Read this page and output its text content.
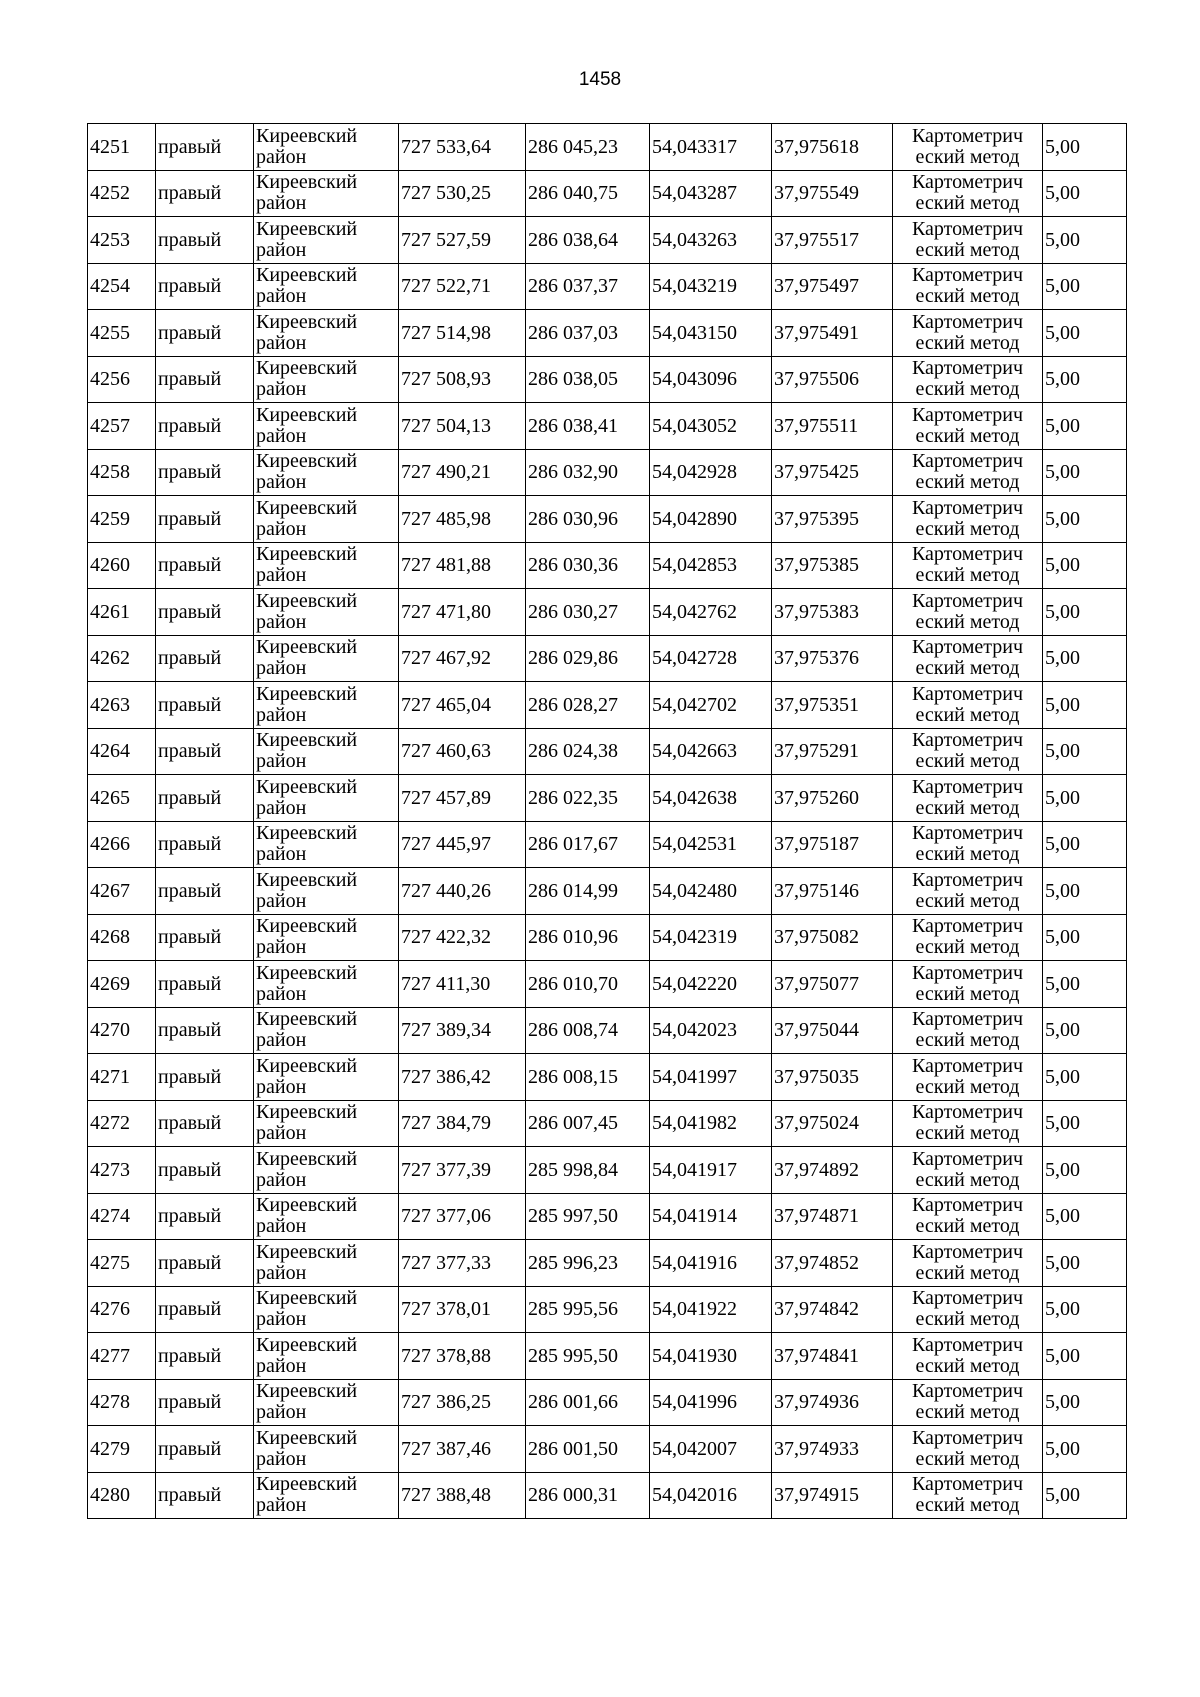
1458
4251	правый	Киреевский район	727 533,64	286 045,23	54,043317	37,975618	Картометрич еский метод	5,00
4252	правый	Киреевский район	727 530,25	286 040,75	54,043287	37,975549	Картометрич еский метод	5,00
4253	правый	Киреевский район	727 527,59	286 038,64	54,043263	37,975517	Картометрич еский метод	5,00
4254	правый	Киреевский район	727 522,71	286 037,37	54,043219	37,975497	Картометрич еский метод	5,00
4255	правый	Киреевский район	727 514,98	286 037,03	54,043150	37,975491	Картометрич еский метод	5,00
4256	правый	Киреевский район	727 508,93	286 038,05	54,043096	37,975506	Картометрич еский метод	5,00
4257	правый	Киреевский район	727 504,13	286 038,41	54,043052	37,975511	Картометрич еский метод	5,00
4258	правый	Киреевский район	727 490,21	286 032,90	54,042928	37,975425	Картометрич еский метод	5,00
4259	правый	Киреевский район	727 485,98	286 030,96	54,042890	37,975395	Картометрич еский метод	5,00
4260	правый	Киреевский район	727 481,88	286 030,36	54,042853	37,975385	Картометрич еский метод	5,00
4261	правый	Киреевский район	727 471,80	286 030,27	54,042762	37,975383	Картометрич еский метод	5,00
4262	правый	Киреевский район	727 467,92	286 029,86	54,042728	37,975376	Картометрич еский метод	5,00
4263	правый	Киреевский район	727 465,04	286 028,27	54,042702	37,975351	Картометрич еский метод	5,00
4264	правый	Киреевский район	727 460,63	286 024,38	54,042663	37,975291	Картометрич еский метод	5,00
4265	правый	Киреевский район	727 457,89	286 022,35	54,042638	37,975260	Картометрич еский метод	5,00
4266	правый	Киреевский район	727 445,97	286 017,67	54,042531	37,975187	Картометрич еский метод	5,00
4267	правый	Киреевский район	727 440,26	286 014,99	54,042480	37,975146	Картометрич еский метод	5,00
4268	правый	Киреевский район	727 422,32	286 010,96	54,042319	37,975082	Картометрич еский метод	5,00
4269	правый	Киреевский район	727 411,30	286 010,70	54,042220	37,975077	Картометрич еский метод	5,00
4270	правый	Киреевский район	727 389,34	286 008,74	54,042023	37,975044	Картометрич еский метод	5,00
4271	правый	Киреевский район	727 386,42	286 008,15	54,041997	37,975035	Картометрич еский метод	5,00
4272	правый	Киреевский район	727 384,79	286 007,45	54,041982	37,975024	Картометрич еский метод	5,00
4273	правый	Киреевский район	727 377,39	285 998,84	54,041917	37,974892	Картометрич еский метод	5,00
4274	правый	Киреевский район	727 377,06	285 997,50	54,041914	37,974871	Картометрич еский метод	5,00
4275	правый	Киреевский район	727 377,33	285 996,23	54,041916	37,974852	Картометрич еский метод	5,00
4276	правый	Киреевский район	727 378,01	285 995,56	54,041922	37,974842	Картометрич еский метод	5,00
4277	правый	Киреевский район	727 378,88	285 995,50	54,041930	37,974841	Картометрич еский метод	5,00
4278	правый	Киреевский район	727 386,25	286 001,66	54,041996	37,974936	Картометрич еский метод	5,00
4279	правый	Киреевский район	727 387,46	286 001,50	54,042007	37,974933	Картометрич еский метод	5,00
4280	правый	Киреевский район	727 388,48	286 000,31	54,042016	37,974915	Картометрич еский метод	5,00
